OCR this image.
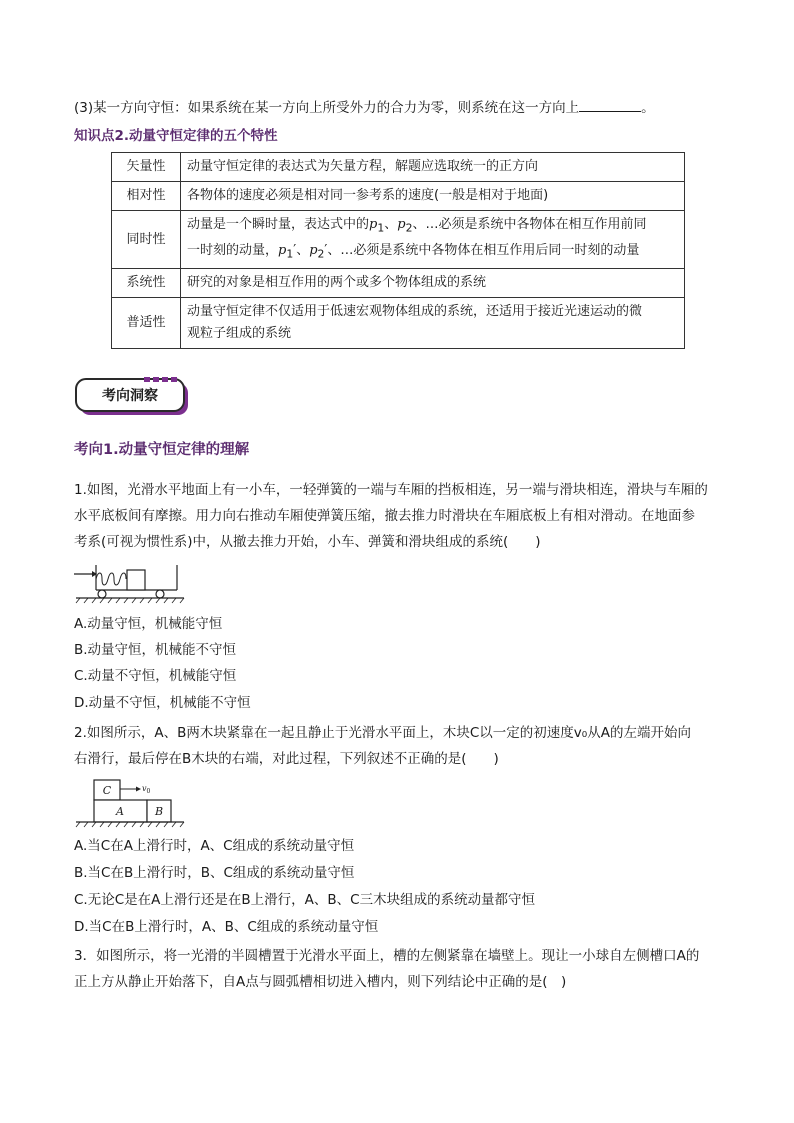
(3)某一方向守恒：如果系统在某一方向上所受外力的合力为零，则系统在这一方向上	。
知识点2.动量守恒定律的五个特性
矢量性	动量守恒定律的表达式为矢量方程，解题应选取统一的正方向
相对性	各物体的速度必须是相对同一参考系的速度(一般是相对于地面)
同时性	动量是一个瞬时量，表达式中的$p_1$、$p_2$、…必须是系统中各物体在相互作用前同
一时刻的动量，$p_1'$、$p_2'$、…必须是系统中各物体在相互作用后同一时刻的动量
系统性	研究的对象是相互作用的两个或多个物体组成的系统
普适性	动量守恒定律不仅适用于低速宏观物体组成的系统，还适用于接近光速运动的微
观粒子组成的系统
考向洞察
考向1.动量守恒定律的理解
1.如图，光滑水平地面上有一小车，一轻弹簧的一端与车厢的挡板相连，另一端与滑块相连，滑块与车厢的
水平底板间有摩擦。用力向右推动车厢使弹簧压缩，撤去推力时滑块在车厢底板上有相对滑动。在地面参
考系(可视为惯性系)中，从撤去推力开始，小车、弹簧和滑块组成的系统(　　)
A.动量守恒，机械能守恒
B.动量守恒，机械能不守恒
C.动量不守恒，机械能守恒
D.动量不守恒，机械能不守恒
2.如图所示，A、B两木块紧靠在一起且静止于光滑水平面上，木块C以一定的初速度v₀从A的左端开始向
右滑行，最后停在B木块的右端，对此过程，下列叙述不正确的是(　　)
C	$v_0$
A	B
A.当C在A上滑行时，A、C组成的系统动量守恒
B.当C在B上滑行时，B、C组成的系统动量守恒
C.无论C是在A上滑行还是在B上滑行，A、B、C三木块组成的系统动量都守恒
D.当C在B上滑行时，A、B、C组成的系统动量守恒
3．如图所示，将一光滑的半圆槽置于光滑水平面上，槽的左侧紧靠在墙壁上。现让一小球自左侧槽口A的
正上方从静止开始落下，自A点与圆弧槽相切进入槽内，则下列结论中正确的是(　)
